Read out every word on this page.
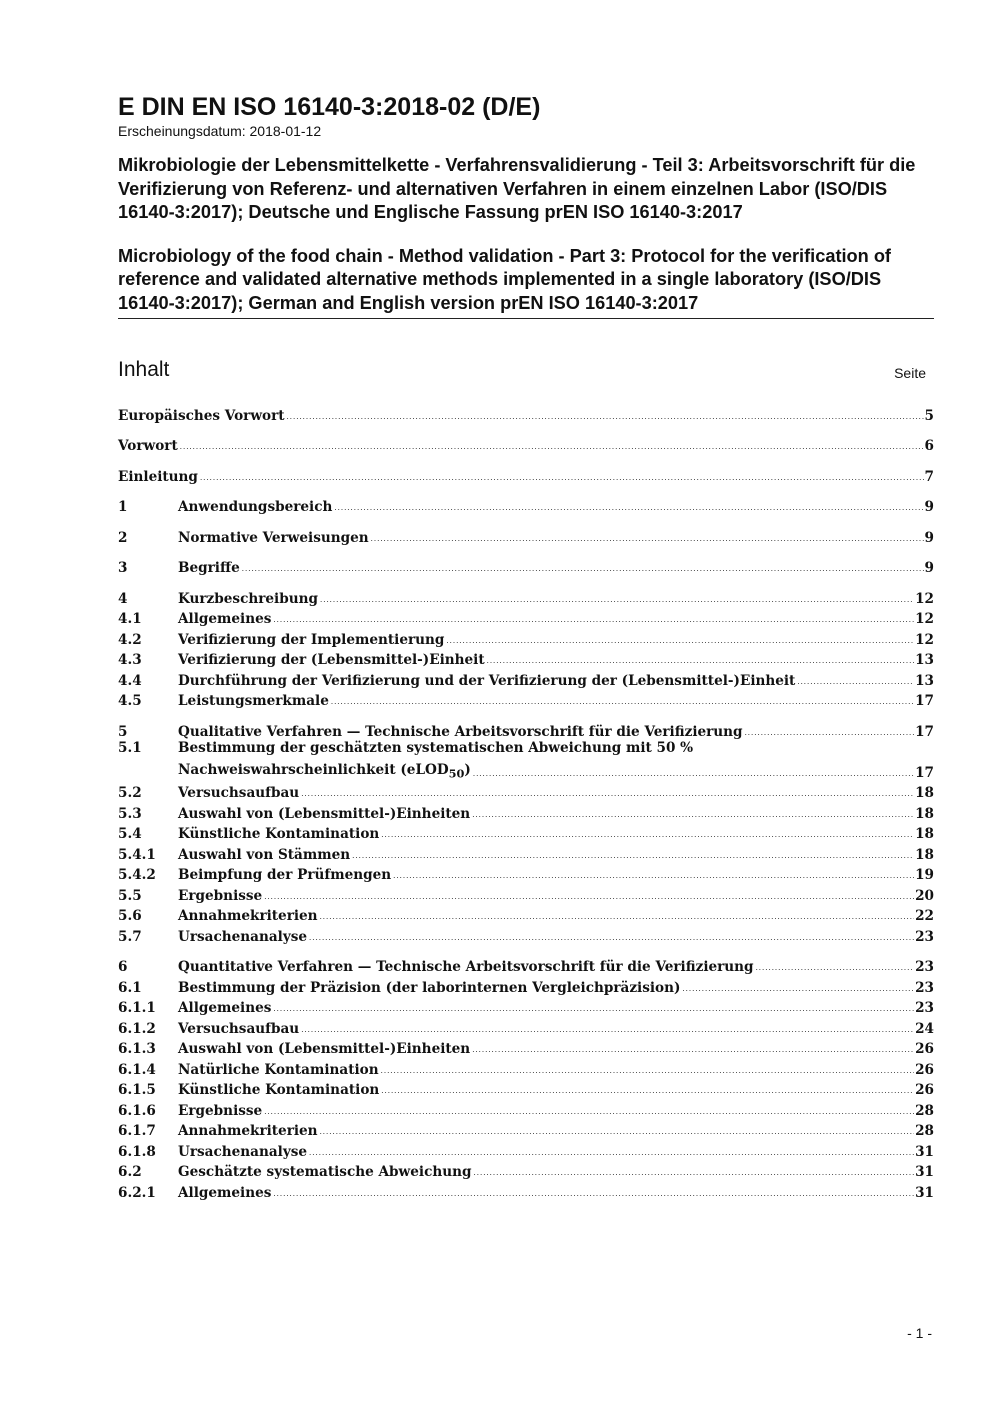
E DIN EN ISO 16140-3:2018-02 (D/E)
Erscheinungsdatum: 2018-01-12
Mikrobiologie der Lebensmittelkette - Verfahrensvalidierung - Teil 3: Arbeitsvorschrift für die Verifizierung von Referenz- und alternativen Verfahren in einem einzelnen Labor (ISO/DIS 16140-3:2017); Deutsche und Englische Fassung prEN ISO 16140-3:2017
Microbiology of the food chain - Method validation - Part 3: Protocol for the verification of reference and validated alternative methods implemented in a single laboratory (ISO/DIS 16140-3:2017); German and English version prEN ISO 16140-3:2017
Inhalt	Seite
Europäisches Vorwort .....	5
Vorwort .....	6
Einleitung .....	7
1	Anwendungsbereich .....	9
2	Normative Verweisungen .....	9
3	Begriffe .....	9
4	Kurzbeschreibung .....	12
4.1	Allgemeines .....	12
4.2	Verifizierung der Implementierung .....	12
4.3	Verifizierung der (Lebensmittel-)Einheit .....	13
4.4	Durchführung der Verifizierung und der Verifizierung der (Lebensmittel-)Einheit .....	13
4.5	Leistungsmerkmale .....	17
5	Qualitative Verfahren — Technische Arbeitsvorschrift für die Verifizierung .....	17
5.1	Bestimmung der geschätzten systematischen Abweichung mit 50 %
Nachweiswahrscheinlichkeit (eLOD$_{50}$) .....	17
5.2	Versuchsaufbau .....	18
5.3	Auswahl von (Lebensmittel-)Einheiten .....	18
5.4	Künstliche Kontamination .....	18
5.4.1	Auswahl von Stämmen .....	18
5.4.2	Beimpfung der Prüfmengen .....	19
5.5	Ergebnisse .....	20
5.6	Annahmekriterien .....	22
5.7	Ursachenanalyse .....	23
6	Quantitative Verfahren — Technische Arbeitsvorschrift für die Verifizierung .....	23
6.1	Bestimmung der Präzision (der laborinternen Vergleichpräzision) .....	23
6.1.1	Allgemeines .....	23
6.1.2	Versuchsaufbau .....	24
6.1.3	Auswahl von (Lebensmittel-)Einheiten .....	26
6.1.4	Natürliche Kontamination .....	26
6.1.5	Künstliche Kontamination .....	26
6.1.6	Ergebnisse .....	28
6.1.7	Annahmekriterien .....	28
6.1.8	Ursachenanalyse .....	31
6.2	Geschätzte systematische Abweichung .....	31
6.2.1	Allgemeines .....	31
- 1 -
